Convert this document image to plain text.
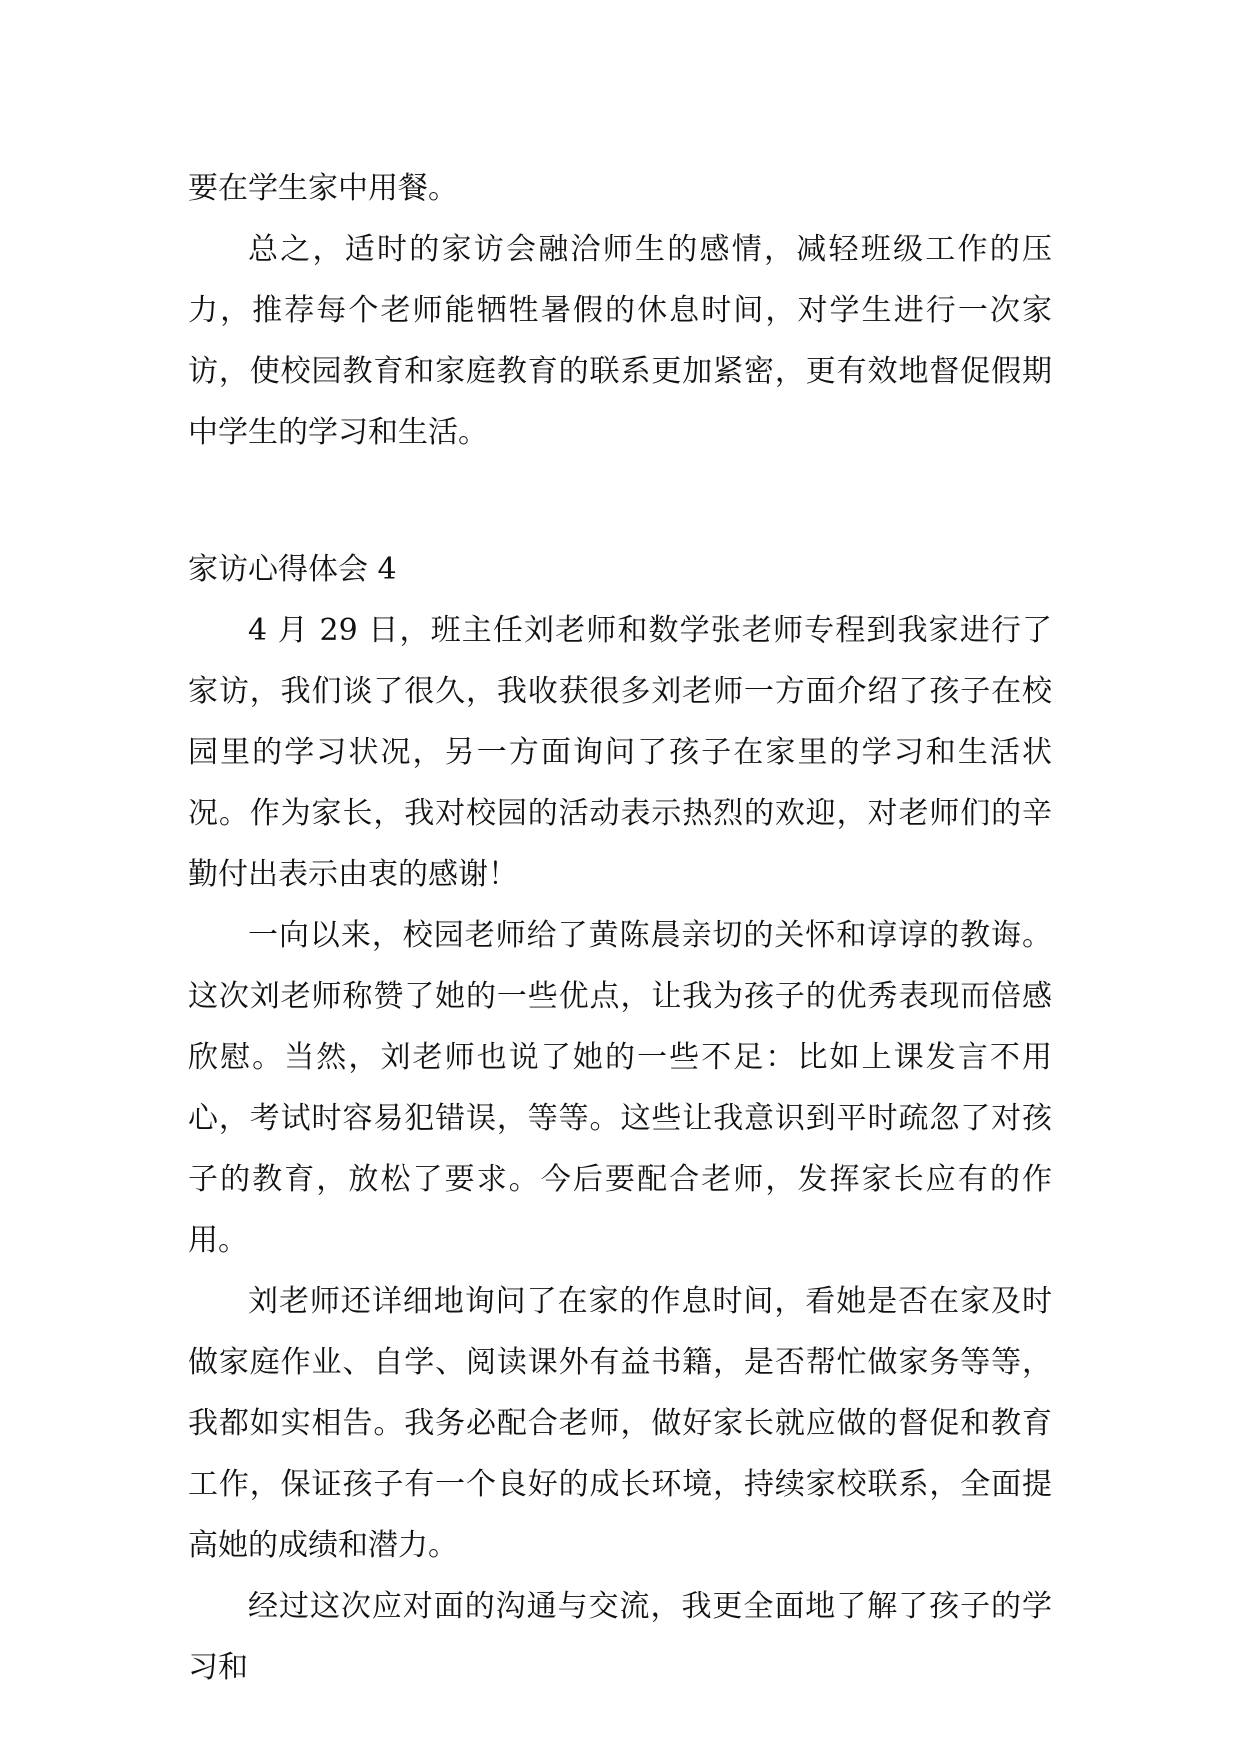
要在学生家中用餐。

总之，适时的家访会融洽师生的感情，减轻班级工作的压力，推荐每个老师能牺牲暑假的休息时间，对学生进行一次家访，使校园教育和家庭教育的联系更加紧密，更有效地督促假期中学生的学习和生活。

家访心得体会 4

4 月 29 日，班主任刘老师和数学张老师专程到我家进行了家访，我们谈了很久，我收获很多刘老师一方面介绍了孩子在校园里的学习状况，另一方面询问了孩子在家里的学习和生活状况。作为家长，我对校园的活动表示热烈的欢迎，对老师们的辛勤付出表示由衷的感谢！

一向以来，校园老师给了黄陈晨亲切的关怀和谆谆的教诲。这次刘老师称赞了她的一些优点，让我为孩子的优秀表现而倍感欣慰。当然，刘老师也说了她的一些不足：比如上课发言不用心，考试时容易犯错误，等等。这些让我意识到平时疏忽了对孩子的教育，放松了要求。今后要配合老师，发挥家长应有的作用。

刘老师还详细地询问了在家的作息时间，看她是否在家及时做家庭作业、自学、阅读课外有益书籍，是否帮忙做家务等等，我都如实相告。我务必配合老师，做好家长就应做的督促和教育工作，保证孩子有一个良好的成长环境，持续家校联系，全面提高她的成绩和潜力。

经过这次应对面的沟通与交流，我更全面地了解了孩子的学习和
